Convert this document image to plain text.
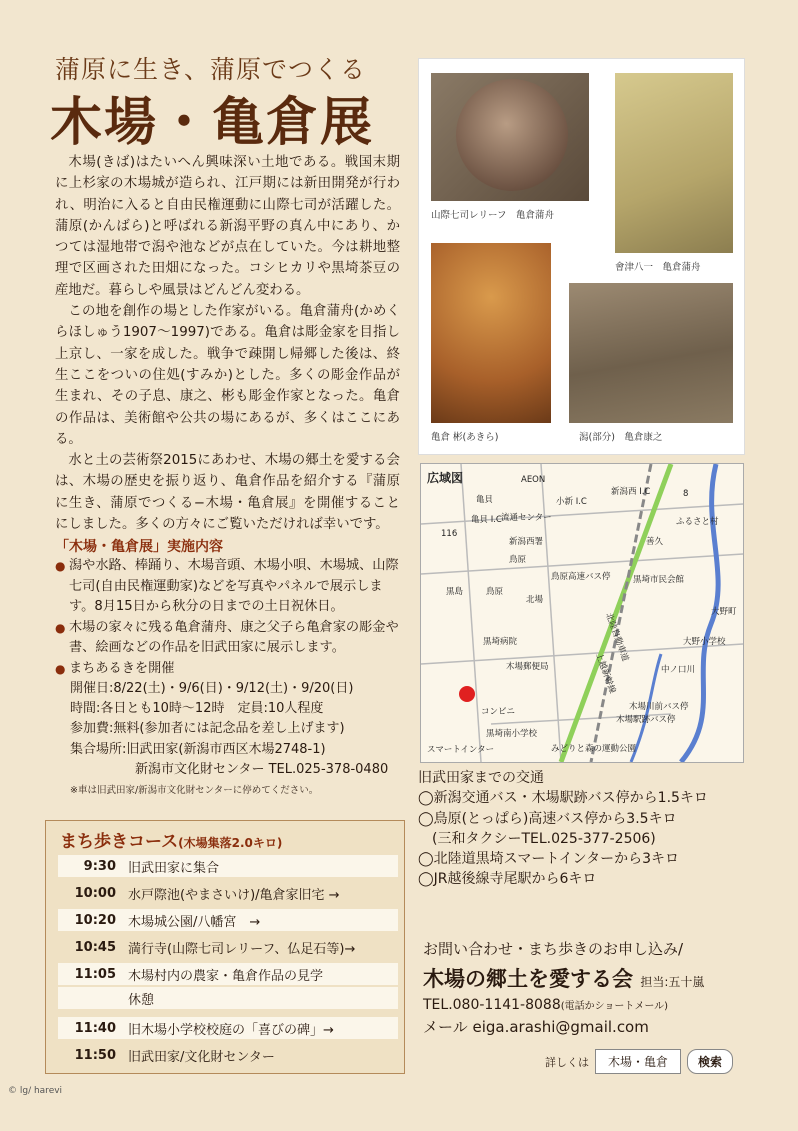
蒲原に生き、蒲原でつくる
木場・亀倉展

木場(きば)はたいへん興味深い土地である。戦国末期に上杉家の木場城が造られ、江戸期には新田開発が行われ、明治に入ると自由民権運動に山際七司が活躍した。蒲原(かんばら)と呼ばれる新潟平野の真ん中にあり、かつては湿地帯で潟や池などが点在していた。今は耕地整理で区画された田畑になった。コシヒカリや黒埼茶豆の産地だ。暮らしや風景はどんどん変わる。

この地を創作の場とした作家がいる。亀倉蒲舟(かめくらほしゅう1907〜1997)である。亀倉は彫金家を目指し上京し、一家を成した。戦争で疎開し帰郷した後は、終生ここをついの住処(すみか)とした。多くの彫金作品が生まれ、その子息、康之、彬も彫金作家となった。亀倉の作品は、美術館や公共の場にあるが、多くはここにある。

水と土の芸術祭2015にあわせ、木場の郷土を愛する会は、木場の歴史を振り返り、亀倉作品を紹介する『蒲原に生き、蒲原でつくる−木場・亀倉展』を開催することにしました。多くの方々にご覧いただければ幸いです。

「木場・亀倉展」実施内容
● 潟や水路、棒踊り、木場音頭、木場小唄、木場城、山際七司(自由民権運動家)などを写真やパネルで展示します。8月15日から秋分の日までの土日祝休日。
● 木場の家々に残る亀倉蒲舟、康之父子ら亀倉家の彫金や書、絵画などの作品を旧武田家に展示します。
● まちあるきを開催
開催日:8/22(土)・9/6(日)・9/12(土)・9/20(日)
時間:各日とも10時〜12時　定員:10人程度
参加費:無料(参加者には記念品を差し上げます)
集合場所:旧武田家(新潟市西区木場2748-1)
　　　　　新潟市文化財センター TEL.025-378-0480
※車は旧武田家/新潟市文化財センターに停めてください。
まち歩きコース(木場集落2.0キロ)
9:30 旧武田家に集合
10:00 水戸際池(やまさいけ)/亀倉家旧宅 →
10:20 木場城公園/八幡宮　→
10:45 満行寺(山際七司レリーフ、仏足石等)→
11:05 木場村内の農家・亀倉作品の見学
休憩
11:40 旧木場小学校校庭の「喜びの碑」→
11:50 旧武田家/文化財センター
山際七司レリーフ　亀倉蒲舟
會津八一　亀倉蒲舟
亀倉 彬(あきら)	潟(部分)　亀倉康之
広域図	AEON
亀貝
亀貝 I.C 流通センター
小新 I.C
新潟西 I.C	8
ふるさと村
新潟西署
116
善久
鳥原
黒島	鳥原
北場
鳥原高速バス停	黒埼市民会館
大野町
大野小学校
北陸自動車道
上越新幹線
黒埼病院
木場郵便局	中ノ口川
木場川前バス停
木場駅跡バス停
コンビニ
黒埼南小学校
スマートインター	みどりと森の運動公園
旧武田家までの交通
◯新潟交通バス・木場駅跡バス停から1.5キロ
◯鳥原(とっぱら)高速バス停から3.5キロ
　(三和タクシーTEL.025-377-2506)
◯北陸道黒埼スマートインターから3キロ
◯JR越後線寺尾駅から6キロ
お問い合わせ・まち歩きのお申し込み/
木場の郷土を愛する会 担当:五十嵐
TEL.080-1141-8088(電話かショートメール)
メール eiga.arashi@gmail.com
詳しくは	木場・亀倉	検索
© lg/ harevi
